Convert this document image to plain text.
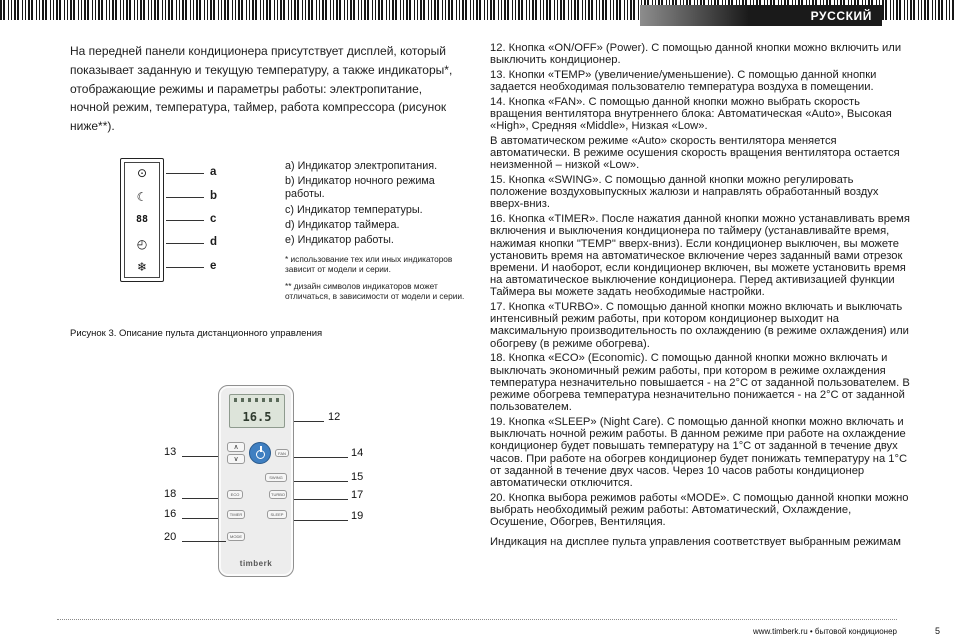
РУССКИЙ

На передней панели кондиционера присутствует дисплей, который показывает заданную и текущую температуру, а также индикаторы*, отображающие режимы и параметры работы: электропитание, ночной режим, температура, таймер, работа компрессора (рисунок ниже**).

⊙
☾
88
◴
❄
a
b
c
d
e

a) Индикатор электропитания.

b) Индикатор ночного режима работы.

c) Индикатор температуры.

d) Индикатор таймера.

e) Индикатор работы.

* использование тех или иных индикаторов зависит от модели и серии.

** дизайн символов индикаторов может отличаться, в зависимости от модели и серии.

Рисунок 3. Описание пульта дистанционного управления

16.5
∧
∨
FAN
SWING
ECO	TURBO
TIMER	SLEEP
MODE
timberk
12
13	14
15
17
18
16	19
20

12. Кнопка «ON/OFF» (Power). С помощью данной кнопки можно включить или выключить кондиционер.

13. Кнопки «TEMP» (увеличение/уменьшение). С помощью данной кнопки задается необходимая пользователю температура воздуха в помещении.

14. Кнопка «FAN». С помощью данной кнопки можно выбрать скорость вращения вентилятора внутреннего блока: Автоматическая «Auto», Высокая «High», Средняя «Middle», Низкая «Low».

В автоматическом режиме «Auto» скорость вентилятора меняется автоматически. В режиме осушения скорость вращения вентилятора остается неизменной – низкой «Low».

15. Кнопка «SWING». С помощью данной кнопки можно регулировать положение воздуховыпускных жалюзи и направлять обработанный воздух вверх-вниз.

16. Кнопка «TIMER». После нажатия данной кнопки можно устанавливать время включения и выключения кондиционера по таймеру (устанавливайте время, нажимая кнопки "TEMP" вверх-вниз). Если кондиционер выключен, вы можете установить время на автоматическое включение через заданный вами отрезок времени. И наоборот, если кондиционер включен, вы можете установить время на автоматическое выключение кондиционера. Перед активизацией функции Таймера вы можете задать необходимые настройки.

17. Кнопка «TURBO». С помощью данной кнопки можно включать и выключать интенсивный режим работы, при котором кондиционер выходит на максимальную производительность по охлаждению (в режиме охлаждения) или обогреву (в режиме обогрева).

18. Кнопка «ECO» (Economic). С помощью данной кнопки можно включать и выключать экономичный режим работы, при котором в режиме охлаждения температура незначительно повышается - на 2°С от заданной пользователем. В режиме обогрева температура незначительно понижается - на 2°С от заданной пользователем.

19. Кнопка «SLEEP» (Night Care). С помощью данной кнопки можно включать и выключать ночной режим работы. В данном режиме при работе на охлаждение кондиционер будет повышать температуру на 1°С от заданной в течение двух часов. При работе на обогрев кондиционер будет понижать температуру на 1°С от заданной в течение двух часов. Через 10 часов работы кондиционер автоматически отключится.

20. Кнопка выбора режимов работы «MODE». С помощью данной кнопки можно выбрать необходимый режим работы: Автоматический, Охлаждение, Осушение, Обогрев, Вентиляция.

Индикация на дисплее пульта управления соответствует выбранным режимам

www.timberk.ru • бытовой кондиционер	5
